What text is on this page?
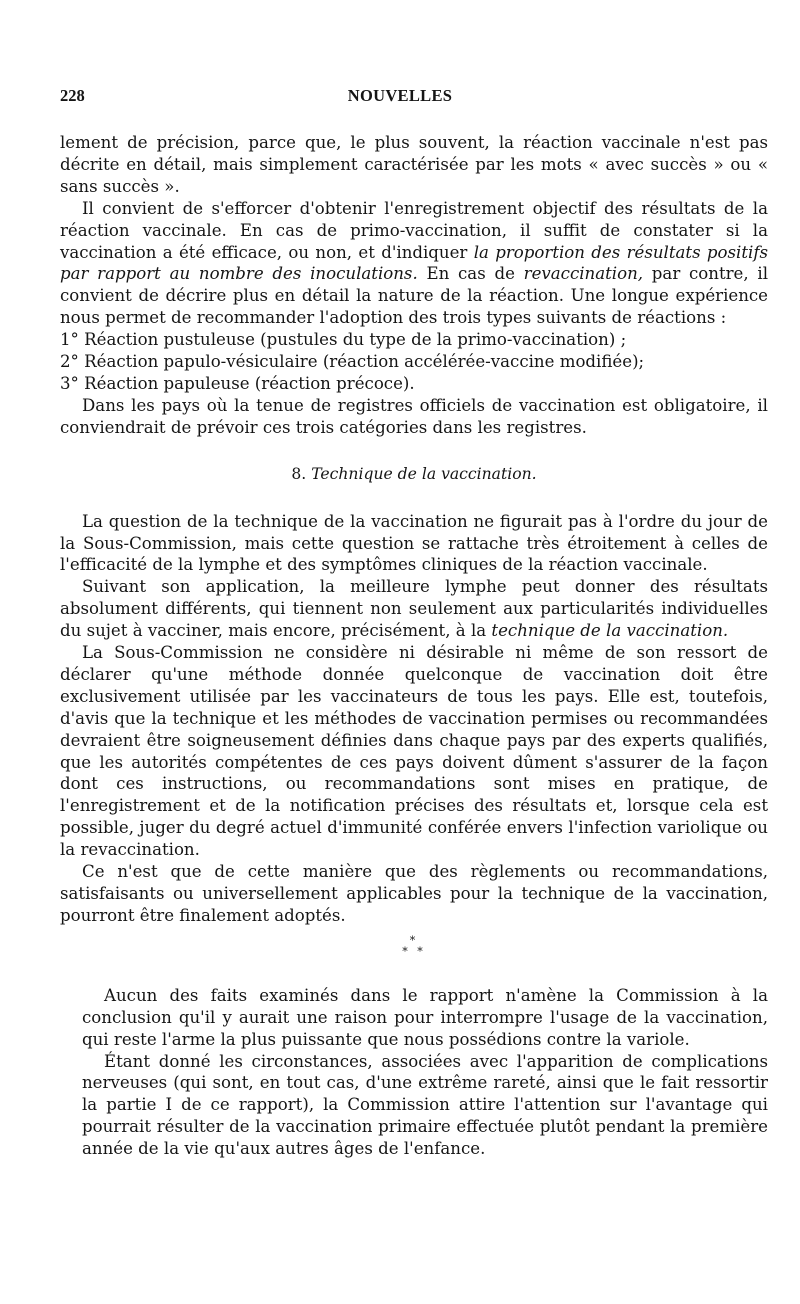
228	NOUVELLES

lement de précision, parce que, le plus souvent, la réaction vaccinale n'est pas décrite en détail, mais simplement caractérisée par les mots « avec succès » ou « sans succès ».

Il convient de s'efforcer d'obtenir l'enregistrement objectif des résultats de la réaction vaccinale. En cas de primo-vaccination, il suffit de constater si la vaccination a été efficace, ou non, et d'indiquer la proportion des résultats positifs par rapport au nombre des inoculations. En cas de revaccination, par contre, il convient de décrire plus en détail la nature de la réaction. Une longue expérience nous permet de recommander l'adoption des trois types suivants de réactions :

1° Réaction pustuleuse (pustules du type de la primo-vaccination) ;

2° Réaction papulo-vésiculaire (réaction accélérée-vaccine modifiée);

3° Réaction papuleuse (réaction précoce).

Dans les pays où la tenue de registres officiels de vaccination est obligatoire, il conviendrait de prévoir ces trois catégories dans les registres.

8. Technique de la vaccination.

La question de la technique de la vaccination ne figurait pas à l'ordre du jour de la Sous-Commission, mais cette question se rattache très étroitement à celles de l'efficacité de la lymphe et des symptômes cliniques de la réaction vaccinale.

Suivant son application, la meilleure lymphe peut donner des résultats absolument différents, qui tiennent non seulement aux particularités individuelles du sujet à vacciner, mais encore, précisément, à la technique de la vaccination.

La Sous-Commission ne considère ni désirable ni même de son ressort de déclarer qu'une méthode donnée quelconque de vaccination doit être exclusivement utilisée par les vaccinateurs de tous les pays. Elle est, toutefois, d'avis que la technique et les méthodes de vaccination permises ou recommandées devraient être soigneusement définies dans chaque pays par des experts qualifiés, que les autorités compétentes de ces pays doivent dûment s'assurer de la façon dont ces instructions, ou recommandations sont mises en pratique, de l'enregistrement et de la notification précises des résultats et, lorsque cela est possible, juger du degré actuel d'immunité conférée envers l'infection variolique ou la revaccination.

Ce n'est que de cette manière que des règlements ou recommandations, satisfaisants ou universellement applicables pour la technique de la vaccination, pourront être finalement adoptés.

*
* *

Aucun des faits examinés dans le rapport n'amène la Commission à la conclusion qu'il y aurait une raison pour interrompre l'usage de la vaccination, qui reste l'arme la plus puissante que nous possédions contre la variole.

Étant donné les circonstances, associées avec l'apparition de complications nerveuses (qui sont, en tout cas, d'une extrême rareté, ainsi que le fait ressortir la partie I de ce rapport), la Commission attire l'attention sur l'avantage qui pourrait résulter de la vaccination primaire effectuée plutôt pendant la première année de la vie qu'aux autres âges de l'enfance.
